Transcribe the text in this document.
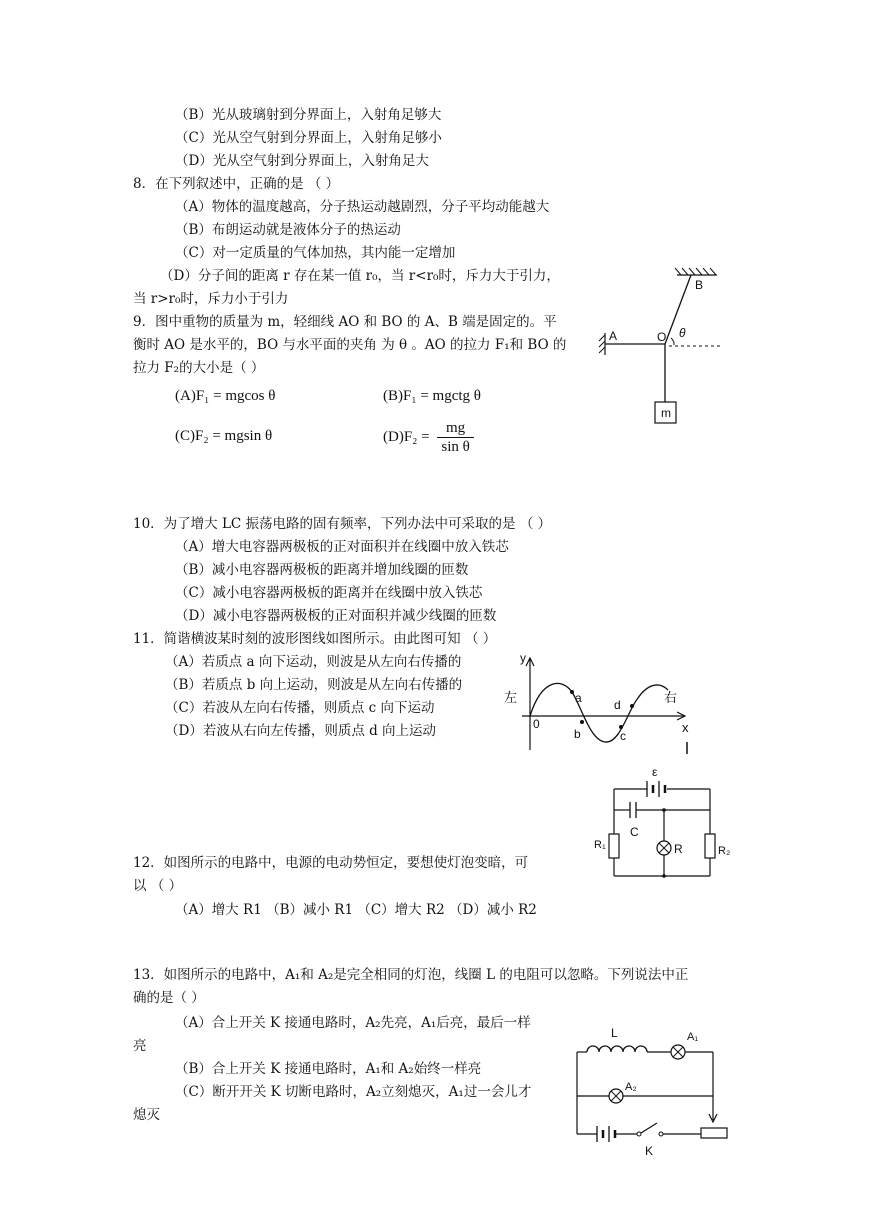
（B）光从玻璃射到分界面上，入射角足够大
（C）光从空气射到分界面上，入射角足够小
（D）光从空气射到分界面上，入射角足大
8．在下列叙述中，正确的是 （ ）
（A）物体的温度越高，分子热运动越剧烈，分子平均动能越大
（B）布朗运动就是液体分子的热运动
（C）对一定质量的气体加热，其内能一定增加
（D）分子间的距离 r 存在某一值 r₀，当 r<r₀时，斥力大于引力，
当 r>r₀时，斥力小于引力
9．图中重物的质量为 m，轻细线 AO 和 BO 的 A、B 端是固定的。平
衡时 AO 是水平的，BO 与水平面的夹角 为 θ 。AO 的拉力 F₁和 BO 的
拉力 F₂的大小是（ ）
(A)F₁ = mgcos θ	(B)F₁ = mgctg θ
(C)F₂ = mgsin θ	$(D)F_2 = \frac{mg}{\text{sin θ}}$
A
B
O θ
m
10．为了增大 LC 振荡电路的固有频率，下列办法中可采取的是 （ ）
（A）增大电容器两极板的正对面积并在线圈中放入铁芯
（B）减小电容器两极板的距离并增加线圈的匝数
（C）减小电容器两极板的距离并在线圈中放入铁芯
（D）减小电容器两极板的正对面积并减少线圈的匝数
11．简谐横波某时刻的波形图线如图所示。由此图可知 （ ）
（A）若质点 a 向下运动，则波是从左向右传播的
（B）若质点 b 向上运动，则波是从左向右传播的
（C）若波从左向右传播，则质点 c 向下运动
（D）若波从右向左传播，则质点 d 向上运动
y
x
左	右
0
a
b	c
d
12．如图所示的电路中，电源的电动势恒定，要想使灯泡变暗，可
以 （ ）
（A）增大 R1 （B）减小 R1 （C）增大 R2 （D）减小 R2
ε
C
R₁	R	R₂
13．如图所示的电路中，A₁和 A₂是完全相同的灯泡，线圈 L 的电阻可以忽略。下列说法中正
确的是（ ）
（A）合上开关 K 接通电路时，A₂先亮，A₁后亮，最后一样
亮
（B）合上开关 K 接通电路时，A₁和 A₂始终一样亮
（C）断开开关 K 切断电路时，A₂立刻熄灭，A₁过一会儿才
熄灭
L	A₁
A₂
K
